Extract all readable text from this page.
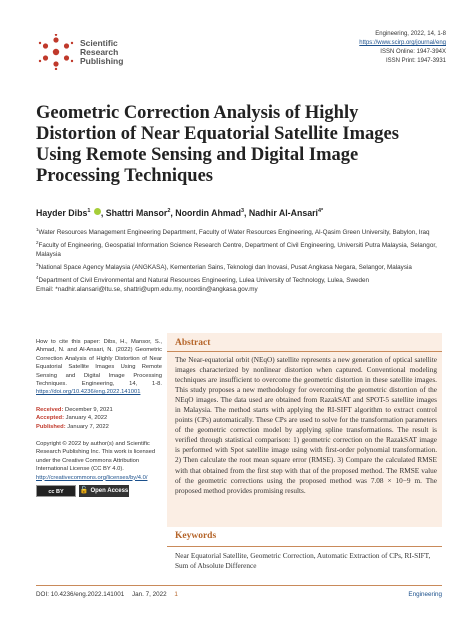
Scientific
Research
Publishing
Engineering, 2022, 14, 1-8
https://www.scirp.org/journal/eng
ISSN Online: 1947-394X
ISSN Print: 1947-3931
Geometric Correction Analysis of Highly Distortion of Near Equatorial Satellite Images Using Remote Sensing and Digital Image Processing Techniques
Hayder Dibs$^1$ , Shattri Mansor$^2$, Noordin Ahmad$^3$, Nadhir Al-Ansari$^{4*}$

$^1$Water Resources Management Engineering Department, Faculty of Water Resources Engineering, Al-Qasim Green University, Babylon, Iraq

$^2$Faculty of Engineering, Geospatial Information Science Research Centre, Department of Civil Engineering, Universiti Putra Malaysia, Selangor, Malaysia

$^3$National Space Agency Malaysia (ANGKASA), Kementerian Sains, Teknologi dan Inovasi, Pusat Angkasa Negara, Selangor, Malaysia

$^4$Department of Civil Environmental and Natural Resources Engineering, Lulea University of Technology, Lulea, Sweden

Email: *nadhir.alansari@ltu.se, shattri@upm.edu.my, noordin@angkasa.gov.my

How to cite this paper: Dibs, H., Mansor, S., Ahmad, N. and Al-Ansari, N. (2022) Geometric Correction Analysis of Highly Distortion of Near Equatorial Satellite Images Using Remote Sensing and Digital Image Processing Techniques. Engineering, 14, 1-8. https://doi.org/10.4236/eng.2022.141001
Received: December 9, 2021
Accepted: January 4, 2022
Published: January 7, 2022
Copyright © 2022 by author(s) and Scientific Research Publishing Inc. This work is licensed under the Creative Commons Attribution International License (CC BY 4.0). http://creativecommons.org/licenses/by/4.0/
cc BY	🔓 Open Access
Abstract
The Near-equatorial orbit (NEqO) satellite represents a new generation of optical satellite images characterized by nonlinear distortion when captured. Conventional modeling techniques are insufficient to overcome the geometric distortion in these satellite images. This study proposes a new methodology for overcoming the geometric distortion of the NEqO images. The data used are obtained from RazakSAT and SPOT-5 satellite images in Malaysia. The method starts with applying the RI-SIFT algorithm to extract control points (CPs) automatically. These CPs are used to solve for the transformation parameters of the geometric correction model by applying spline transformations. The result is verified through statistical comparison: 1) geometric correction on the RazakSAT image is performed with Spot satellite image using with first-order polynomial transformation. 2) Then calculate the root mean square error (RMSE). 3) Compare the calculated RMSE with that obtained from the first step with that of the proposed method. The RMSE value of the geometric corrections using the proposed method was 7.08 × 10−9 m. The proposed method provides promising results.
Keywords
Near Equatorial Satellite, Geometric Correction, Automatic Extraction of CPs, RI-SIFT, Sum of Absolute Difference
DOI: 10.4236/eng.2022.141001 Jan. 7, 2022 1	Engineering
